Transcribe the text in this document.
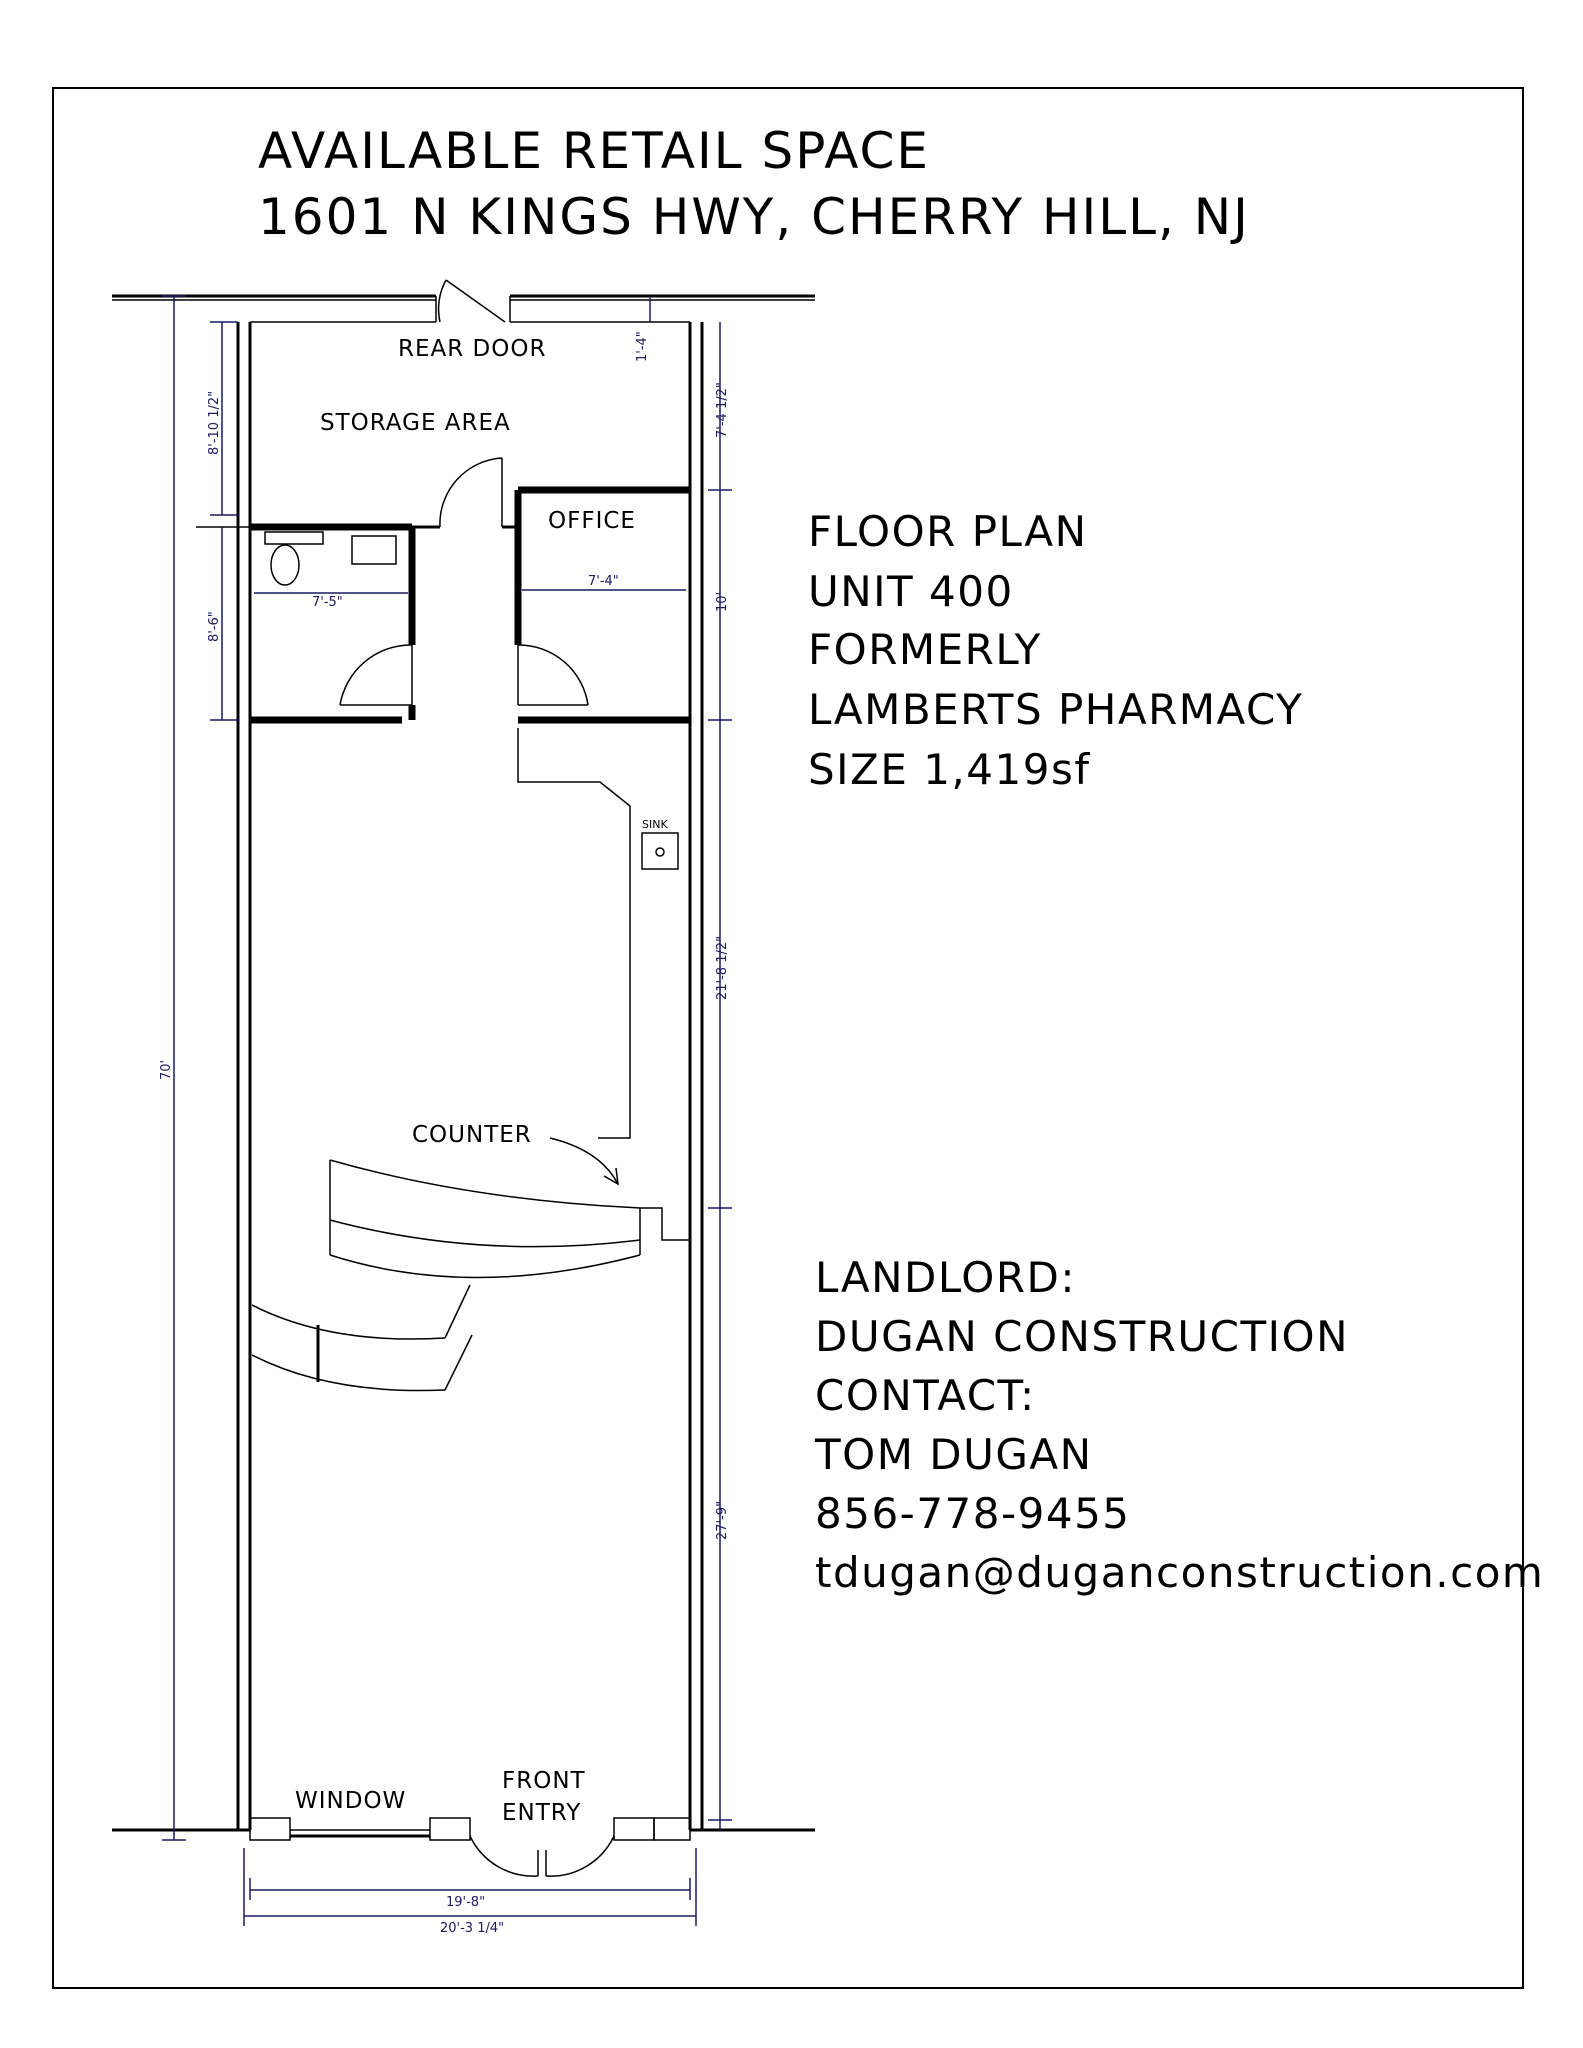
AVAILABLE RETAIL SPACE
1601 N KINGS HWY, CHERRY HILL, NJ
FLOOR PLAN
UNIT 400
FORMERLY
LAMBERTS PHARMACY
SIZE 1,419sf
LANDLORD:
DUGAN CONSTRUCTION
CONTACT:
TOM DUGAN
856-778-9455
tdugan@duganconstruction.com
70'
8'-10 1/2"
8'-6"
7'-5"
7'-4"
1'-4"
7'-4 1/2"
10'
21'-8 1/2"
27'-9"
19'-8"
20'-3 1/4"
REAR DOOR
STORAGE AREA
OFFICE
SINK
COUNTER
WINDOW
FRONT
ENTRY
